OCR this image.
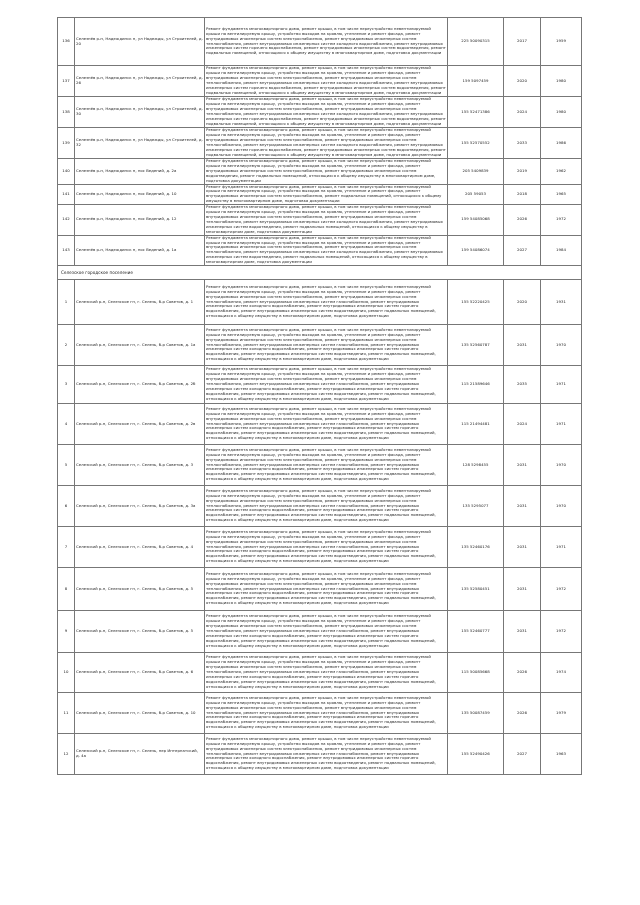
136	Селезнёв р-н, Надеждинск п, ул Надежды, ул Строителей, д. 20	Ремонт фундамента многоквартирного дома, ремонт крыши, в том числе переустройство невентилируемой крыши на вентилируемую крышу, устройство выходов на кровлю, утепление и ремонт фасада, ремонт внутридомовых инженерных систем электроснабжения, ремонт внутридомовых инженерных систем теплоснабжения, ремонт внутридомовых инженерных систем холодного водоснабжения, ремонт внутридомовых инженерных систем горячего водоснабжения, ремонт внутридомовых инженерных систем водоотведения, ремонт подвальных помещений, относящихся к общему имуществу в многоквартирном доме, подготовка документации	225 50090315	2017	1959
137	Селезнёв р-н, Надеждинск п, ул Надежды, ул Строителей, д. 26	Ремонт фундамента многоквартирного дома, ремонт крыши, в том числе переустройство невентилируемой крыши на вентилируемую крышу, устройство выходов на кровлю, утепление и ремонт фасада, ремонт внутридомовых инженерных систем электроснабжения, ремонт внутридомовых инженерных систем теплоснабжения, ремонт внутридомовых инженерных систем холодного водоснабжения, ремонт внутридомовых инженерных систем горячего водоснабжения, ремонт внутридомовых инженерных систем водоотведения, ремонт подвальных помещений, относящихся к общему имуществу в многоквартирном доме, подготовка документации	159 5097459	2020	1980
138	Селезнёв р-н, Надеждинск п, ул Надежды, ул Строителей, д. 30	Ремонт фундамента многоквартирного дома, ремонт крыши, в том числе переустройство невентилируемой крыши на вентилируемую крышу, устройство выходов на кровлю, утепление и ремонт фасада, ремонт внутридомовых инженерных систем электроснабжения, ремонт внутридомовых инженерных систем теплоснабжения, ремонт внутридомовых инженерных систем холодного водоснабжения, ремонт внутридомовых инженерных систем горячего водоснабжения, ремонт внутридомовых инженерных систем водоотведения, ремонт подвальных помещений, относящихся к общему имуществу в многоквартирном доме, подготовка документации	155 52471386	2024	1980
139	Селезнёв р-н, Надеждинск п, ул Надежды, ул Строителей, д. 32	Ремонт фундамента многоквартирного дома, ремонт крыши, в том числе переустройство невентилируемой крыши на вентилируемую крышу, устройство выходов на кровлю, утепление и ремонт фасада, ремонт внутридомовых инженерных систем электроснабжения, ремонт внутридомовых инженерных систем теплоснабжения, ремонт внутридомовых инженерных систем холодного водоснабжения, ремонт внутридомовых инженерных систем горячего водоснабжения, ремонт внутридомовых инженерных систем водоотведения, ремонт подвальных помещений, относящихся к общему имуществу в многоквартирном доме, подготовка документации	155 52570552	2033	1986
140	Селезнёв р-н, Надеждинск п, пос Ведений, д. 2а	Ремонт фундамента многоквартирного дома, ремонт крыши, в том числе переустройство невентилируемой крыши на вентилируемую крышу, устройство выходов на кровлю, утепление и ремонт фасада, ремонт внутридомовых инженерных систем электроснабжения, ремонт внутридомовых инженерных систем водоотведения, ремонт подвальных помещений, относящихся к общему имуществу в многоквартирном доме, подготовка документации	205 5409839	2019	1962
141	Селезнёв р-н, Надеждинск п, пос Ведений, д. 10	Ремонт фундамента многоквартирного дома, ремонт крыши, в том числе переустройство невентилируемой крыши на вентилируемую крышу, устройство выходов на кровлю, утепление и ремонт фасада, ремонт внутридомовых инженерных систем электроснабжения, ремонт подвальных помещений, относящихся к общему имуществу в многоквартирном доме, подготовка документации	205 59053	2018	1965
142	Селезнёв р-н, Надеждинск п, пос Ведений, д. 12	Ремонт фундамента многоквартирного дома, ремонт крыши, в том числе переустройство невентилируемой крыши на вентилируемую крышу, устройство выходов на кровлю, утепление и ремонт фасада, ремонт внутридомовых инженерных систем электроснабжения, ремонт внутридомовых инженерных систем теплоснабжения, ремонт внутридомовых инженерных систем холодного водоснабжения, ремонт внутридомовых инженерных систем водоотведения, ремонт подвальных помещений, относящихся к общему имуществу в многоквартирном доме, подготовка документации	159 54085068	2026	1972
143	Селезнёв р-н, Надеждинск п, пос Ведений, д. 1а	Ремонт фундамента многоквартирного дома, ремонт крыши, в том числе переустройство невентилируемой крыши на вентилируемую крышу, устройство выходов на кровлю, утепление и ремонт фасада, ремонт внутридомовых инженерных систем электроснабжения, ремонт внутридомовых инженерных систем теплоснабжения, ремонт внутридомовых инженерных систем холодного водоснабжения, ремонт внутридомовых инженерных систем водоотведения, ремонт подвальных помещений, относящихся к общему имуществу в многоквартирном доме, подготовка документации	159 54086074	2027	1984
Селезское городское поселение					
1	Селезский р-н, Селезское гп, г. Селезь, б-р Советов, д. 1	Ремонт фундамента многоквартирного дома, ремонт крыши, в том числе переустройство невентилируемой крыши на вентилируемую крышу, устройство выходов на кровлю, утепление и ремонт фасада, ремонт внутридомовых инженерных систем электроснабжения, ремонт внутридомовых инженерных систем теплоснабжения, ремонт внутридомовых инженерных систем газоснабжения, ремонт внутридомовых инженерных систем холодного водоснабжения, ремонт внутридомовых инженерных систем горячего водоснабжения, ремонт внутридомовых инженерных систем водоотведения, ремонт подвальных помещений, относящихся к общему имуществу в многоквартирном доме, подготовка документации	155 52220425	2020	1931
2	Селезский р-н, Селезское гп, г. Селезь, б-р Советов, д. 1а	Ремонт фундамента многоквартирного дома, ремонт крыши, в том числе переустройство невентилируемой крыши на вентилируемую крышу, устройство выходов на кровлю, утепление и ремонт фасада, ремонт внутридомовых инженерных систем электроснабжения, ремонт внутридомовых инженерных систем теплоснабжения, ремонт внутридомовых инженерных систем газоснабжения, ремонт внутридомовых инженерных систем холодного водоснабжения, ремонт внутридомовых инженерных систем горячего водоснабжения, ремонт внутридомовых инженерных систем водоотведения, ремонт подвальных помещений, относящихся к общему имуществу в многоквартирном доме, подготовка документации	135 52560787	2031	1970
3	Селезский р-н, Селезское гп, г. Селезь, б-р Советов, д. 2б	Ремонт фундамента многоквартирного дома, ремонт крыши, в том числе переустройство невентилируемой крыши на вентилируемую крышу, устройство выходов на кровлю, утепление и ремонт фасада, ремонт внутридомовых инженерных систем электроснабжения, ремонт внутридомовых инженерных систем теплоснабжения, ремонт внутридомовых инженерных систем газоснабжения, ремонт внутридомовых инженерных систем холодного водоснабжения, ремонт внутридомовых инженерных систем горячего водоснабжения, ремонт внутридомовых инженерных систем водоотведения, ремонт подвальных помещений, относящихся к общему имуществу в многоквартирном доме, подготовка документации	115 21589646	2035	1971
4	Селезский р-н, Селезское гп, г. Селезь, б-р Советов, д. 2в	Ремонт фундамента многоквартирного дома, ремонт крыши, в том числе переустройство невентилируемой крыши на вентилируемую крышу, устройство выходов на кровлю, утепление и ремонт фасада, ремонт внутридомовых инженерных систем электроснабжения, ремонт внутридомовых инженерных систем теплоснабжения, ремонт внутридомовых инженерных систем газоснабжения, ремонт внутридомовых инженерных систем холодного водоснабжения, ремонт внутридомовых инженерных систем горячего водоснабжения, ремонт внутридомовых инженерных систем водоотведения, ремонт подвальных помещений, относящихся к общему имуществу в многоквартирном доме, подготовка документации	115 21494481	2024	1971
5	Селезский р-н, Селезское гп, г. Селезь, б-р Советов, д. 3	Ремонт фундамента многоквартирного дома, ремонт крыши, в том числе переустройство невентилируемой крыши на вентилируемую крышу, устройство выходов на кровлю, утепление и ремонт фасада, ремонт внутридомовых инженерных систем электроснабжения, ремонт внутридомовых инженерных систем теплоснабжения, ремонт внутридомовых инженерных систем газоснабжения, ремонт внутридомовых инженерных систем холодного водоснабжения, ремонт внутридомовых инженерных систем горячего водоснабжения, ремонт внутридомовых инженерных систем водоотведения, ремонт подвальных помещений, относящихся к общему имуществу в многоквартирном доме, подготовка документации	128 5298455	2031	1970
6	Селезский р-н, Селезское гп, г. Селезь, б-р Советов, д. 3а	Ремонт фундамента многоквартирного дома, ремонт крыши, в том числе переустройство невентилируемой крыши на вентилируемую крышу, устройство выходов на кровлю, утепление и ремонт фасада, ремонт внутридомовых инженерных систем электроснабжения, ремонт внутридомовых инженерных систем теплоснабжения, ремонт внутридомовых инженерных систем газоснабжения, ремонт внутридомовых инженерных систем холодного водоснабжения, ремонт внутридомовых инженерных систем горячего водоснабжения, ремонт внутридомовых инженерных систем водоотведения, ремонт подвальных помещений, относящихся к общему имуществу в многоквартирном доме, подготовка документации	135 5295077	2031	1970
7	Селезский р-н, Селезское гп, г. Селезь, б-р Советов, д. 4	Ремонт фундамента многоквартирного дома, ремонт крыши, в том числе переустройство невентилируемой крыши на вентилируемую крышу, устройство выходов на кровлю, утепление и ремонт фасада, ремонт внутридомовых инженерных систем электроснабжения, ремонт внутридомовых инженерных систем теплоснабжения, ремонт внутридомовых инженерных систем газоснабжения, ремонт внутридомовых инженерных систем холодного водоснабжения, ремонт внутридомовых инженерных систем горячего водоснабжения, ремонт внутридомовых инженерных систем водоотведения, ремонт подвальных помещений, относящихся к общему имуществу в многоквартирном доме, подготовка документации	135 52460176	2031	1971
8	Селезский р-н, Селезское гп, г. Селезь, б-р Советов, д. 5	Ремонт фундамента многоквартирного дома, ремонт крыши, в том числе переустройство невентилируемой крыши на вентилируемую крышу, устройство выходов на кровлю, утепление и ремонт фасада, ремонт внутридомовых инженерных систем электроснабжения, ремонт внутридомовых инженерных систем теплоснабжения, ремонт внутридомовых инженерных систем газоснабжения, ремонт внутридомовых инженерных систем холодного водоснабжения, ремонт внутридомовых инженерных систем горячего водоснабжения, ремонт внутридомовых инженерных систем водоотведения, ремонт подвальных помещений, относящихся к общему имуществу в многоквартирном доме, подготовка документации	135 52580451	2031	1972
9	Селезский р-н, Селезское гп, г. Селезь, б-р Советов, д. 5	Ремонт фундамента многоквартирного дома, ремонт крыши, в том числе переустройство невентилируемой крыши на вентилируемую крышу, устройство выходов на кровлю, утепление и ремонт фасада, ремонт внутридомовых инженерных систем электроснабжения, ремонт внутридомовых инженерных систем теплоснабжения, ремонт внутридомовых инженерных систем газоснабжения, ремонт внутридомовых инженерных систем холодного водоснабжения, ремонт внутридомовых инженерных систем горячего водоснабжения, ремонт внутридомовых инженерных систем водоотведения, ремонт подвальных помещений, относящихся к общему имуществу в многоквартирном доме, подготовка документации	155 52460777	2031	1972
10	Селезский р-н, Селезское гп, г. Селезь, б-р Советов, д. 6	Ремонт фундамента многоквартирного дома, ремонт крыши, в том числе переустройство невентилируемой крыши на вентилируемую крышу, устройство выходов на кровлю, утепление и ремонт фасада, ремонт внутридомовых инженерных систем электроснабжения, ремонт внутридомовых инженерных систем теплоснабжения, ремонт внутридомовых инженерных систем газоснабжения, ремонт внутридомовых инженерных систем холодного водоснабжения, ремонт внутридомовых инженерных систем горячего водоснабжения, ремонт внутридомовых инженерных систем водоотведения, ремонт подвальных помещений, относящихся к общему имуществу в многоквартирном доме, подготовка документации	115 50085668	2026	1974
11	Селезский р-н, Селезское гп, г. Селезь, б-р Советов, д. 10	Ремонт фундамента многоквартирного дома, ремонт крыши, в том числе переустройство невентилируемой крыши на вентилируемую крышу, устройство выходов на кровлю, утепление и ремонт фасада, ремонт внутридомовых инженерных систем электроснабжения, ремонт внутридомовых инженерных систем теплоснабжения, ремонт внутридомовых инженерных систем газоснабжения, ремонт внутридомовых инженерных систем холодного водоснабжения, ремонт внутридомовых инженерных систем горячего водоснабжения, ремонт внутридомовых инженерных систем водоотведения, ремонт подвальных помещений, относящихся к общему имуществу в многоквартирном доме, подготовка документации	135 50087459	2026	1979
12	Селезский р-н, Селезское гп, г. Селезь, пер Интернатский, д. 4а	Ремонт фундамента многоквартирного дома, ремонт крыши, в том числе переустройство невентилируемой крыши на вентилируемую крышу, устройство выходов на кровлю, утепление и ремонт фасада, ремонт внутридомовых инженерных систем электроснабжения, ремонт внутридомовых инженерных систем теплоснабжения, ремонт внутридомовых инженерных систем газоснабжения, ремонт внутридомовых инженерных систем холодного водоснабжения, ремонт внутридомовых инженерных систем горячего водоснабжения, ремонт внутридомовых инженерных систем водоотведения, ремонт подвальных помещений, относящихся к общему имуществу в многоквартирном доме, подготовка документации	155 52490426	2027	1963
